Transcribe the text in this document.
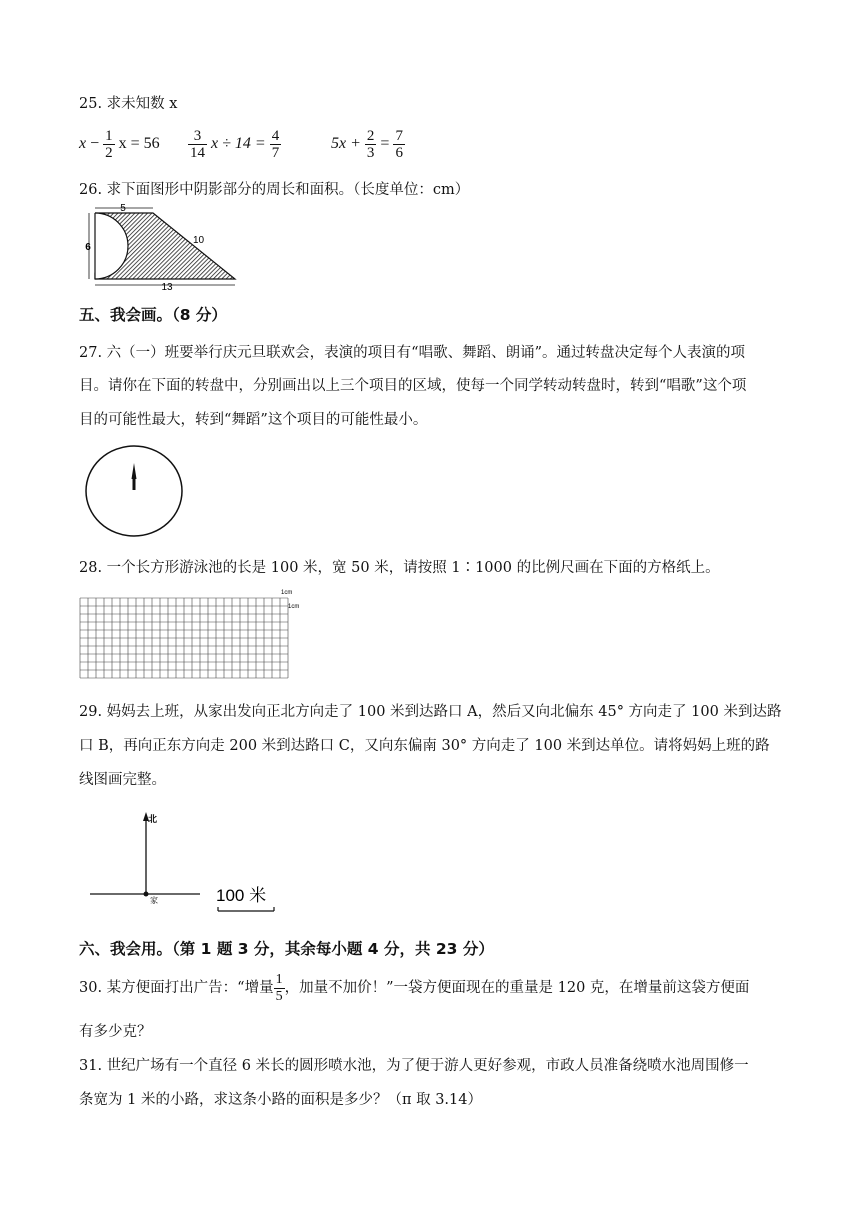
25. 求未知数 x
$x - \frac{1}{2}$ $x = 56 \frac{3}{14}$ $x \div 14 = \frac{4}{7}$	$5x + \frac{2}{3} = \frac{7}{6}$
26. 求下面图形中阴影部分的周长和面积。（长度单位：cm）
5
6
10
13
五、我会画。（8 分）
27. 六（一）班要举行庆元旦联欢会，表演的项目有“唱歌、舞蹈、朗诵”。通过转盘决定每个人表演的项
目。请你在下面的转盘中，分别画出以上三个项目的区域，使每一个同学转动转盘时，转到“唱歌”这个项
目的可能性最大，转到“舞蹈”这个项目的可能性最小。
28. 一个长方形游泳池的长是 100 米，宽 50 米，请按照 1∶1000 的比例尺画在下面的方格纸上。
1cm
1cm
29. 妈妈去上班，从家出发向正北方向走了 100 米到达路口 A，然后又向北偏东 45° 方向走了 100 米到达路
口 B，再向正东方向走 200 米到达路口 C，又向东偏南 30° 方向走了 100 米到达单位。请将妈妈上班的路
线图画完整。
北
家	100 米
六、我会用。（第 1 题 3 分，其余每小题 4 分，共 23 分）
30. 某方便面打出广告：“增量 $\frac{1}{5}$ ，加量不加价！”一袋方便面现在的重量是 120 克，在增量前这袋方便面
有多少克？
31. 世纪广场有一个直径 6 米长的圆形喷水池，为了便于游人更好参观，市政人员准备绕喷水池周围修一
条宽为 1 米的小路，求这条小路的面积是多少？（π 取 3.14）
